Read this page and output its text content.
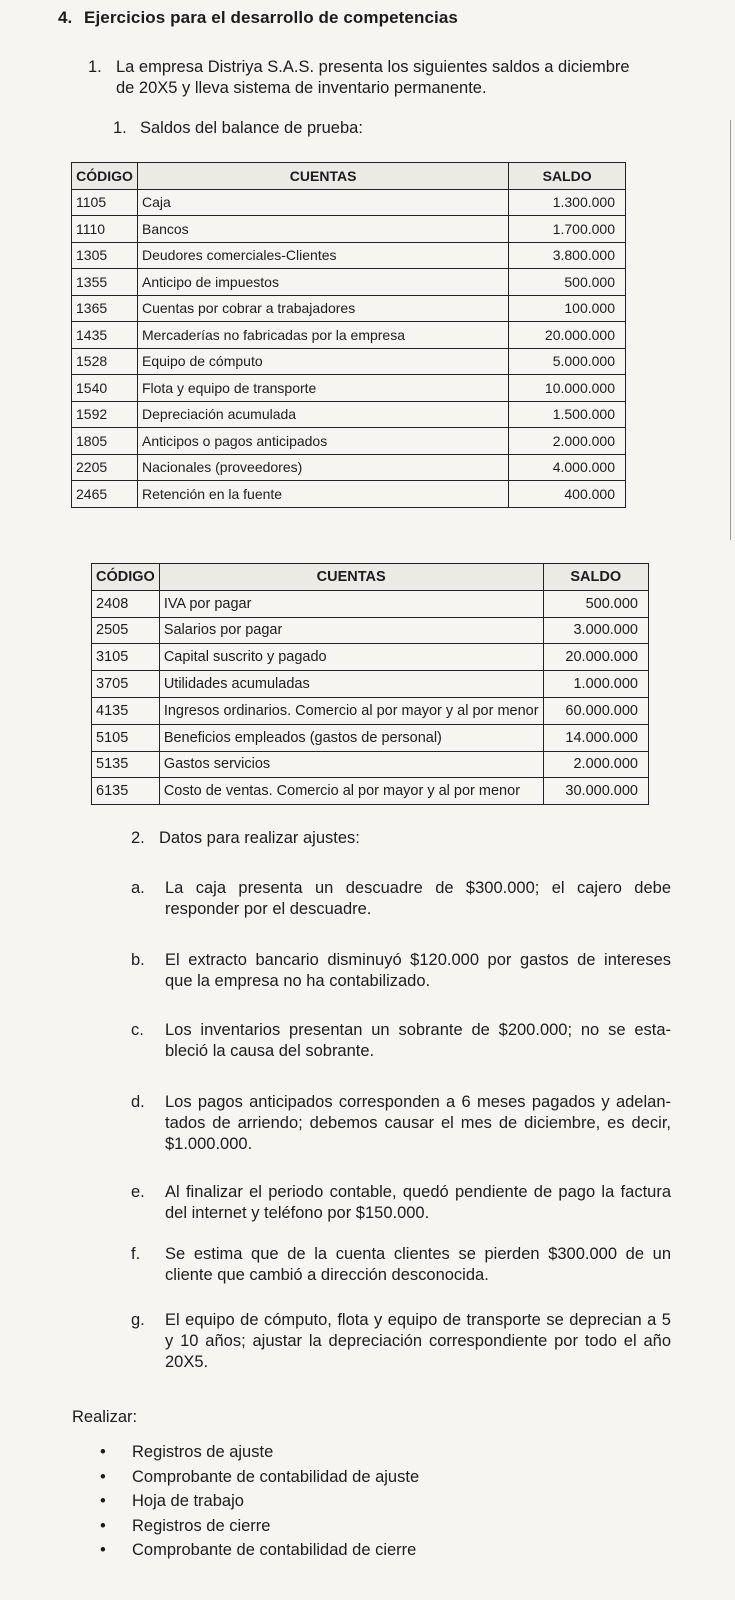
4. Ejercicios para el desarrollo de competencias
1. La empresa Distriya S.A.S. presenta los siguientes saldos a diciembre
de 20X5 y lleva sistema de inventario permanente.
1. Saldos del balance de prueba:
CÓDIGO	CUENTAS	SALDO
1105	Caja	1.300.000
1110	Bancos	1.700.000
1305	Deudores comerciales-Clientes	3.800.000
1355	Anticipo de impuestos	500.000
1365	Cuentas por cobrar a trabajadores	100.000
1435	Mercaderías no fabricadas por la empresa	20.000.000
1528	Equipo de cómputo	5.000.000
1540	Flota y equipo de transporte	10.000.000
1592	Depreciación acumulada	1.500.000
1805	Anticipos o pagos anticipados	2.000.000
2205	Nacionales (proveedores)	4.000.000
2465	Retención en la fuente	400.000
CÓDIGO	CUENTAS	SALDO
2408	IVA por pagar	500.000
2505	Salarios por pagar	3.000.000
3105	Capital suscrito y pagado	20.000.000
3705	Utilidades acumuladas	1.000.000
4135	Ingresos ordinarios. Comercio al por mayor y al por menor	60.000.000
5105	Beneficios empleados (gastos de personal)	14.000.000
5135	Gastos servicios	2.000.000
6135	Costo de ventas. Comercio al por mayor y al por menor	30.000.000
2. Datos para realizar ajustes:
a.	La caja presenta un descuadre de $300.000; el cajero debe responder por el descuadre.
b.	El extracto bancario disminuyó $120.000 por gastos de intereses que la empresa no ha contabilizado.
c.	Los inventarios presentan un sobrante de $200.000; no se esta- bleció la causa del sobrante.
d.	Los pagos anticipados corresponden a 6 meses pagados y adelan- tados de arriendo; debemos causar el mes de diciembre, es decir, $1.000.000.
e.	Al finalizar el periodo contable, quedó pendiente de pago la factura del internet y teléfono por $150.000.
f.	Se estima que de la cuenta clientes se pierden $300.000 de un cliente que cambió a dirección desconocida.
g.	El equipo de cómputo, flota y equipo de transporte se deprecian a 5 y 10 años; ajustar la depreciación correspondiente por todo el año 20X5.
Realizar:
• Registros de ajuste
• Comprobante de contabilidad de ajuste
• Hoja de trabajo
• Registros de cierre
• Comprobante de contabilidad de cierre
